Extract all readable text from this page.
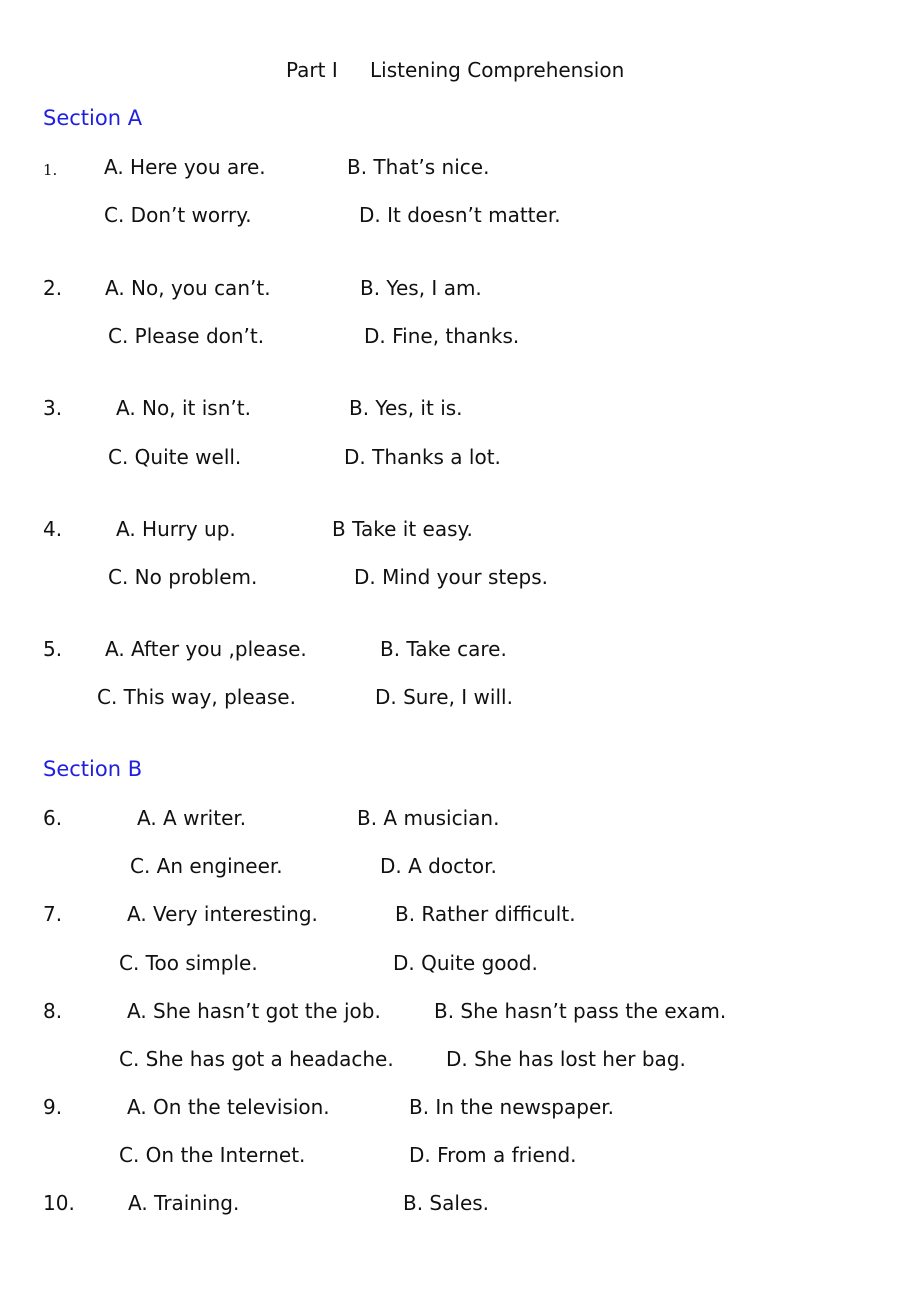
Part I Listening Comprehension
Section A
1. A. Here you are.	B. That’s nice.
C. Don’t worry.	D. It doesn’t matter.
2. A. No, you can’t.	B. Yes, I am.
C. Please don’t.	D. Fine, thanks.
3.	A. No, it isn’t.	B. Yes, it is.
C. Quite well.	D. Thanks a lot.
4.	A. Hurry up.	B Take it easy.
C. No problem.	D. Mind your steps.
5. A. After you ,please.	B. Take care.
C. This way, please.	D. Sure, I will.
Section B
6.	A. A writer.	B. A musician.
C. An engineer.	D. A doctor.
7.	A. Very interesting.	B. Rather difficult.
C. Too simple.	D. Quite good.
8.	A. She hasn’t got the job.	B. She hasn’t pass the exam.
C. She has got a headache.	D. She has lost her bag.
9.	A. On the television.	B. In the newspaper.
C. On the Internet.	D. From a friend.
10.	A. Training.	B. Sales.
